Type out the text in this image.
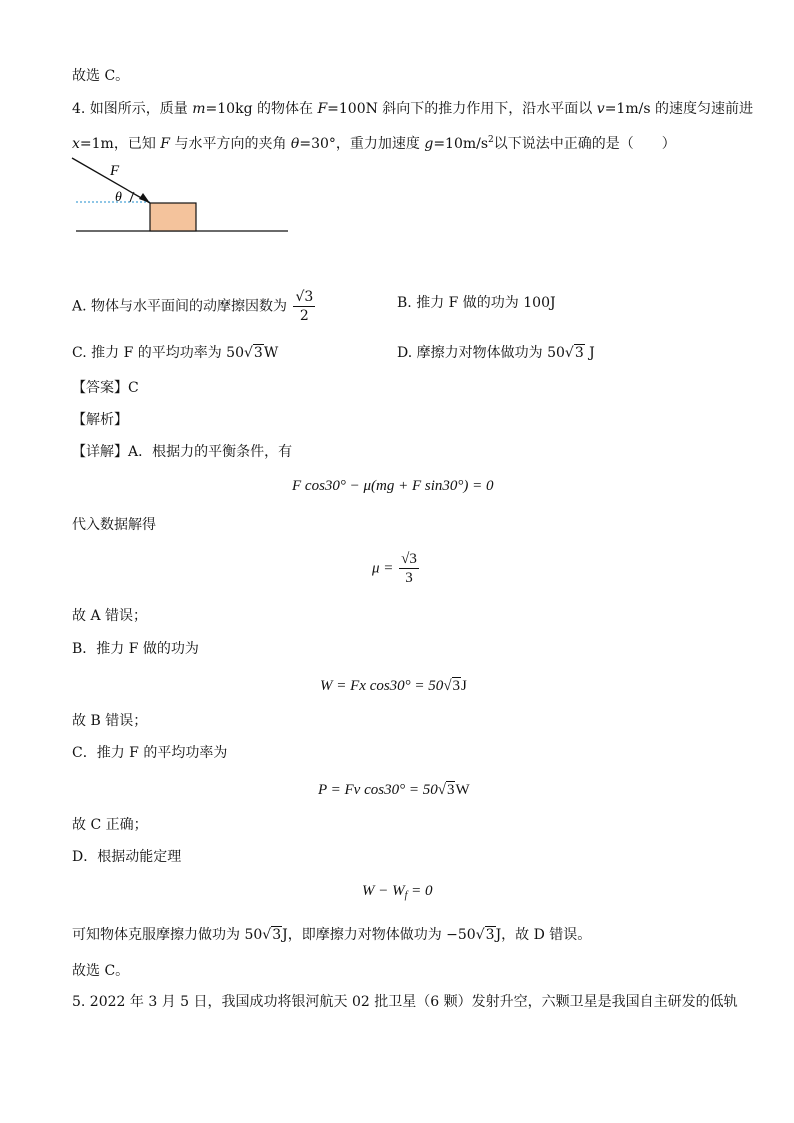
故选 C。
4. 如图所示，质量 m=10kg 的物体在 F=100N 斜向下的推力作用下，沿水平面以 v=1m/s 的速度匀速前进
x=1m，已知 F 与水平方向的夹角 θ=30°，重力加速度 $g=10m/s^2$以下说法中正确的是（　　）
F
θ
A. 物体与水平面间的动摩擦因数为 $\frac{√3}{2}$	B. 推力 F 做的功为 100J
C. 推力 F 的平均功率为 50√3W	D. 摩擦力对物体做功为 50√3 J
【答案】C
【解析】
【详解】A．根据力的平衡条件，有
F cos30° − μ(mg + F sin30°) = 0
代入数据解得
$\mu = \frac{√3}{3}$
故 A 错误；
B．推力 F 做的功为
W = Fx cos30° = 50√3J
故 B 错误；
C．推力 F 的平均功率为
P = Fv cos30° = 50√3W
故 C 正确；
D．根据动能定理
$W - W_f = 0$
可知物体克服摩擦力做功为 50√3J，即摩擦力对物体做功为 −50√3J，故 D 错误。
故选 C。
5. 2022 年 3 月 5 日，我国成功将银河航天 02 批卫星（6 颗）发射升空，六颗卫星是我国自主研发的低轨
